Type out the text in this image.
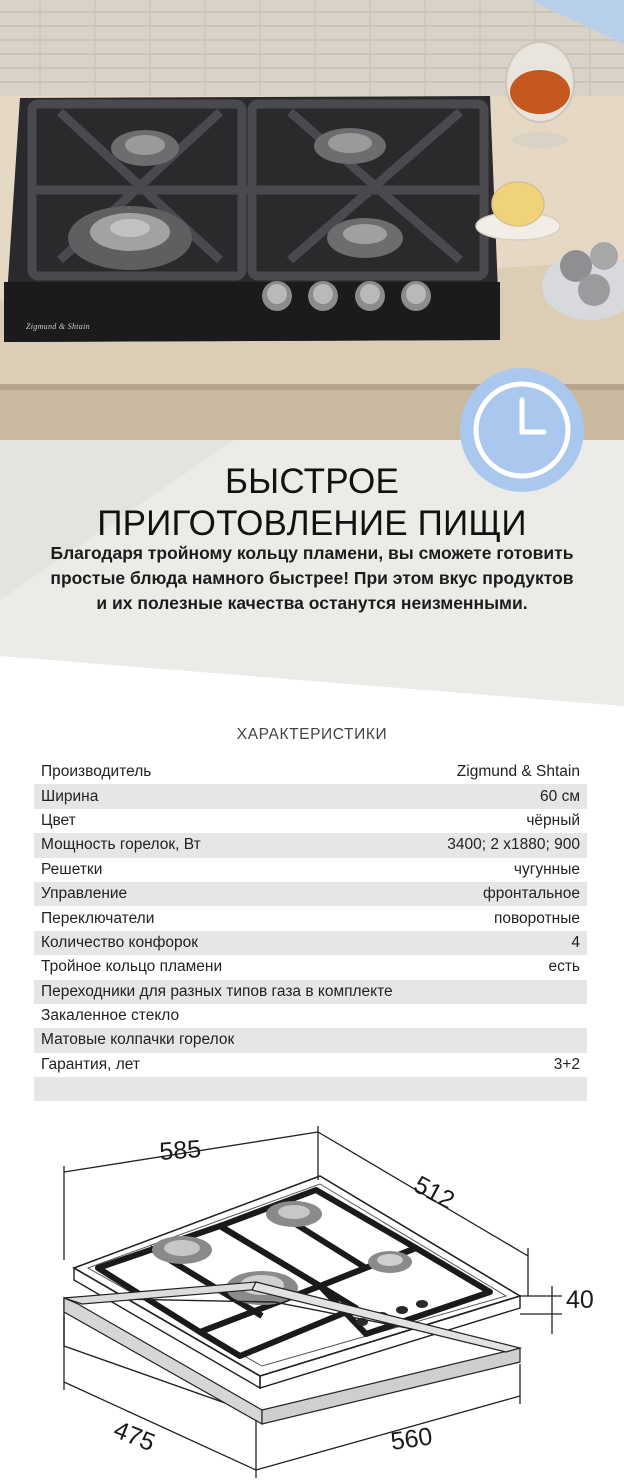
Zigmund & Shtain
БЫСТРОЕ
ПРИГОТОВЛЕНИЕ ПИЩИ
Благодаря тройному кольцу пламени, вы сможете готовить
простые блюда намного быстрее! При этом вкус продуктов
и их полезные качества останутся неизменными.
ХАРАКТЕРИСТИКИ
Производитель	Zigmund & Shtain
Ширина	60 см
Цвет	чёрный
Мощность горелок, Вт	3400; 2 x1880; 900
Решетки	чугунные
Управление	фронтальное
Переключатели	поворотные
Количество конфорок	4
Тройное кольцо пламени	есть
Переходники для разных типов газа в комплекте
Закаленное стекло
Матовые колпачки горелок
Гарантия, лет	3+2
585
512
40
475	560
